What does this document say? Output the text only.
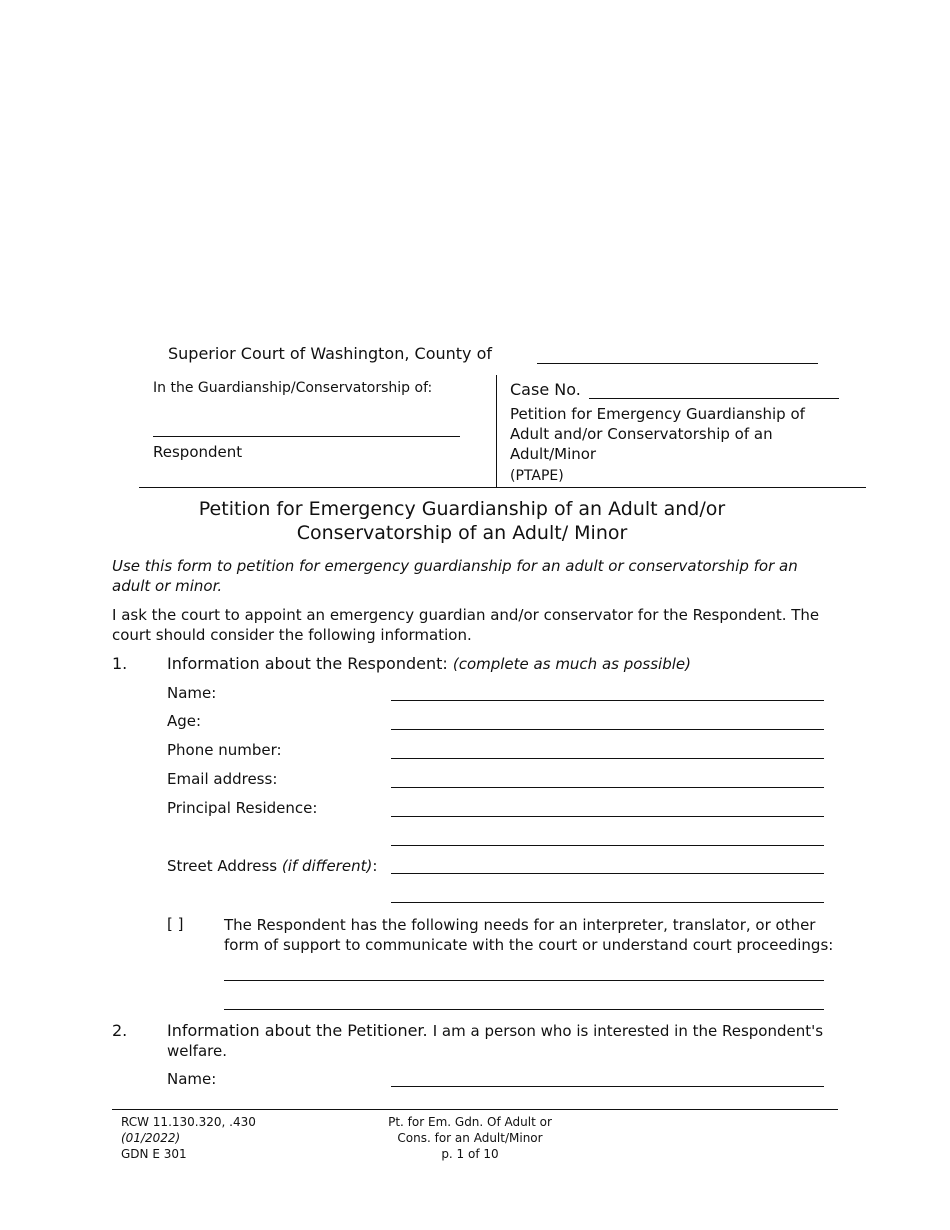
Superior Court of Washington, County of
In the Guardianship/Conservatorship of:
Respondent
Case No.
Petition for Emergency Guardianship of Adult and/or Conservatorship of an Adult/Minor
(PTAPE)
Petition for Emergency Guardianship of an Adult and/or
Conservatorship of an Adult/ Minor
Use this form to petition for emergency guardianship for an adult or conservatorship for an adult or minor.
I ask the court to appoint an emergency guardian and/or conservator for the Respondent. The court should consider the following information.
1. Information about the Respondent: (complete as much as possible)
Name:
Age:
Phone number:
Email address:
Principal Residence:
Street Address (if different):
[ ]	The Respondent has the following needs for an interpreter, translator, or other form of support to communicate with the court or understand court proceedings:
2. Information about the Petitioner. I am a person who is interested in the Respondent's welfare.
Name:
RCW 11.130.320, .430
(01/2022)
GDN E 301
Pt. for Em. Gdn. Of Adult or
Cons. for an Adult/Minor
p. 1 of 10
